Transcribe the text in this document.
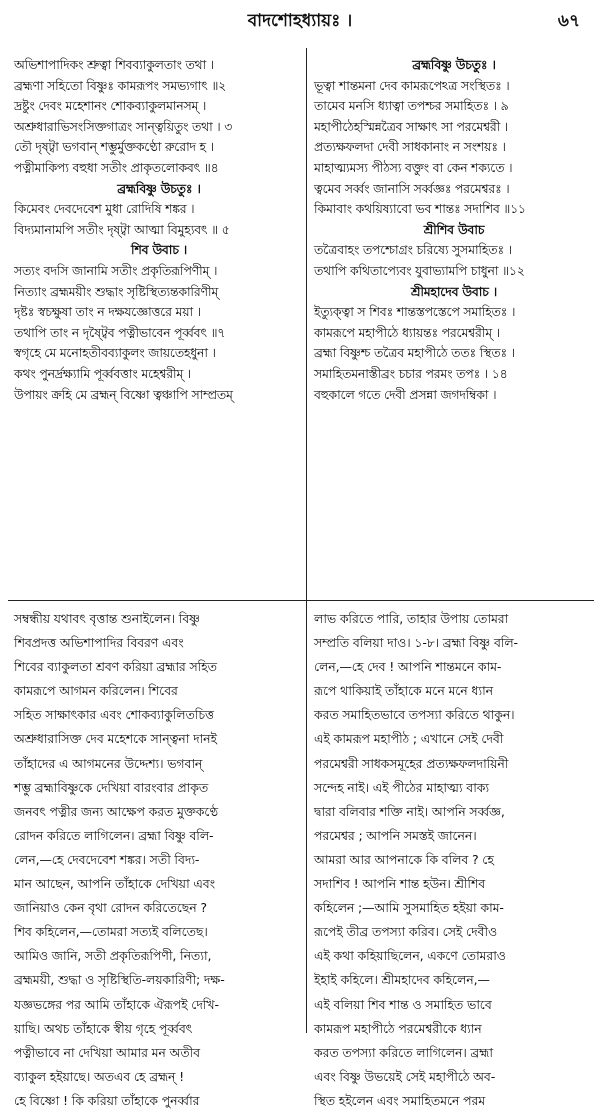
বাদশোহধ্যায়ঃ ।	৬৭
অভিশাপাদিকং শ্রুত্বা শিবব্যাকুলতাং তথা ।
ব্রহ্মণা সহিতো বিষ্ণুঃ কামরূপং সমভ্যগাৎ ॥২
দ্রষ্টুং দেবং মহেশানং শোকব্যাকুলমানসম্ ।
অশ্রুধারাভিসংসিক্তগাত্রং সান্ত্বয়িতুং তথা । ৩
তৌ দৃষ্ট্বা ভগবান্ শম্ভুর্মুক্তকণ্ঠো রুরোদ হ ।
পত্নীমাকিপ্য বহুধা সতীং প্রাকৃতলোকবৎ ॥৪
ব্রহ্মবিষ্ণু উচতুঃ ।
কিমেবং দেবদেবেশ মুধা রোদিষি শঙ্কর ।
বিদ্যমানামপি সতীং দৃষ্ট্বা আত্মা বিমুহ্যবৎ ॥ ৫
শিব উবাচ ।
সত্যং বদসি জানামি সতীং প্রকৃতিরূপিণীম্ ।
নিত্যাং ব্রহ্মময়ীং শুদ্ধাং সৃষ্টিস্থিত্যন্তকারিণীম্
দৃষ্টঃ স্বচক্ষুষা তাং ন দক্ষযজ্ঞোত্তরে ময়া ।
তথাপি তাং ন দৃষ্ট্বৈব পত্নীভাবেন পূর্ব্ববৎ ॥৭
স্বগৃহে মে মনোহতীবব্যাকুলং জায়তেহধুনা ।
কথং পুনর্দ্রক্ষ্যামি পূর্ব্ববত্তাং মহেশ্বরীম্ ।
উপায়ং ক্রহি মে ব্রহ্মন্ বিষ্ণো ত্বঞ্চাপি সাম্প্রতম্
ব্রহ্মবিষ্ণু উচতুঃ ।
ভূত্বা শান্তমনা দেব কামরূপেঽত্র সংস্থিতঃ ।
তামেব মনসি ধ্যাত্বা তপশ্চর সমাহিতঃ । ৯
মহাপীঠেহস্মিন্নত্রৈব সাক্ষাৎ সা পরমেশ্বরী ।
প্রত্যক্ষফলদা দেবী সাধকানাং ন সংশয়ঃ ।
মাহাত্ম্যমস্য পীঠস্য বক্তুং বা কেন শক্যতে ।
ত্বমেব সর্ব্বং জানাসি সর্ব্বজ্ঞঃ পরমেশ্বরঃ ।
কিমাবাং কথয়িষ্যাবো ভব শান্তঃ সদাশিব ॥১১
শ্রীশিব উবাচ
তত্রৈবাহং তপশ্চোগ্রং চরিষ্যে সুসমাহিতঃ ।
তথাপি কথিতাপ্যেবং যুবাভ্যামপি চাধুনা ॥১২
শ্রীমহাদেব উবাচ ।
ইত্যুক্ত্বা স শিবঃ শান্তস্তপস্তেপে সমাহিতঃ ।
কামরূপে মহাপীঠে ধ্যায়ন্তঃ পরমেশ্বরীম্ ।
ব্রহ্মা বিষ্ণুশ্চ তত্রৈব মহাপীঠে ততঃ স্থিতঃ ।
সমাহিতমনাস্তীব্রং চচার পরমং তপঃ । ১৪
বহুকালে গতে দেবী প্রসন্না জগদম্বিকা ।
সম্বন্ধীয় যথাবৎ বৃত্তান্ত শুনাইলেন। বিষ্ণু
শিবপ্রদত্ত অভিশাপাদির বিবরণ এবং
শিবের ব্যাকুলতা শ্রবণ করিয়া ব্রহ্মার সহিত
কামরূপে আগমন করিলেন। শিবের
সহিত সাক্ষাৎকার এবং শোকব্যাকুলিতচিত্ত
অশ্রুধারাসিক্ত দেব মহেশকে সান্ত্বনা দানই
তাঁহাদের এ আগমনের উদ্দেশ্য। ভগবান্
শম্ভু ব্রহ্মাবিষ্ণুকে দেখিয়া বারংবার প্রাকৃত
জনবৎ পত্নীর জন্য আক্ষেপ করত মুক্তকণ্ঠে
রোদন করিতে লাগিলেন। ব্রহ্মা বিষ্ণু বলি-
লেন,—হে দেবদেবেশ শঙ্কর। সতী বিদ্য-
মান আছেন, আপনি তাঁহাকে দেখিয়া এবং
জানিয়াও কেন বৃথা রোদন করিতেছেন ?
শিব কহিলেন,—তোমরা সত্যই বলিতেছ।
আমিও জানি, সতী প্রকৃতিরূপিণী, নিত্যা,
ব্রহ্মময়ী, শুদ্ধা ও সৃষ্টিস্থিতি-লয়কারিণী; দক্ষ-
যজ্ঞভঙ্গের পর আমি তাঁহাকে ঐরূপই দেখি-
য়াছি। অথচ তাঁহাকে স্বীয় গৃহে পূর্ব্ববৎ
পত্নীভাবে না দেখিয়া আমার মন অতীব
ব্যাকুল হইয়াছে। অতএব হে ব্রহ্মন্ !
হে বিষ্ণো ! কি করিয়া তাঁহাকে পুনর্ব্বার
লাভ করিতে পারি, তাহার উপায় তোমরা
সম্প্রতি বলিয়া দাও। ১-৮। ব্রহ্মা বিষ্ণু বলি-
লেন,—হে দেব ! আপনি শান্তমনে কাম-
রূপে থাকিয়াই তাঁহাকে মনে মনে ধ্যান
করত সমাহিতভাবে তপস্যা করিতে থাকুন।
এই কামরূপ মহাপীঠ ; এখানে সেই দেবী
পরমেশ্বরী সাধকসমূহের প্রত্যক্ষফলদায়িনী
সন্দেহ নাই। এই পীঠের মাহাত্ম্য বাক্য
দ্বারা বলিবার শক্তি নাই। আপনি সর্ব্বজ্ঞ,
পরমেশ্বর ; আপনি সমস্তই জানেন।
আমরা আর আপনাকে কি বলিব ? হে
সদাশিব ! আপনি শান্ত হউন। শ্রীশিব
কহিলেন ;—আমি সুসমাহিত হইয়া কাম-
রূপেই তীব্র তপস্যা করিব। সেই দেবীও
এই কথা কহিয়াছিলেন, একণে তোমরাও
ইহাই কহিলে। শ্রীমহাদেব কহিলেন,—
এই বলিয়া শিব শান্ত ও সমাহিত ভাবে
কামরূপ মহাপীঠে পরমেশ্বরীকে ধ্যান
করত তপস্যা করিতে লাগিলেন। ব্রহ্মা
এবং বিষ্ণু উভয়েই সেই মহাপীঠে অব-
স্থিত হইলেন এবং সমাহিতমনে পরম
